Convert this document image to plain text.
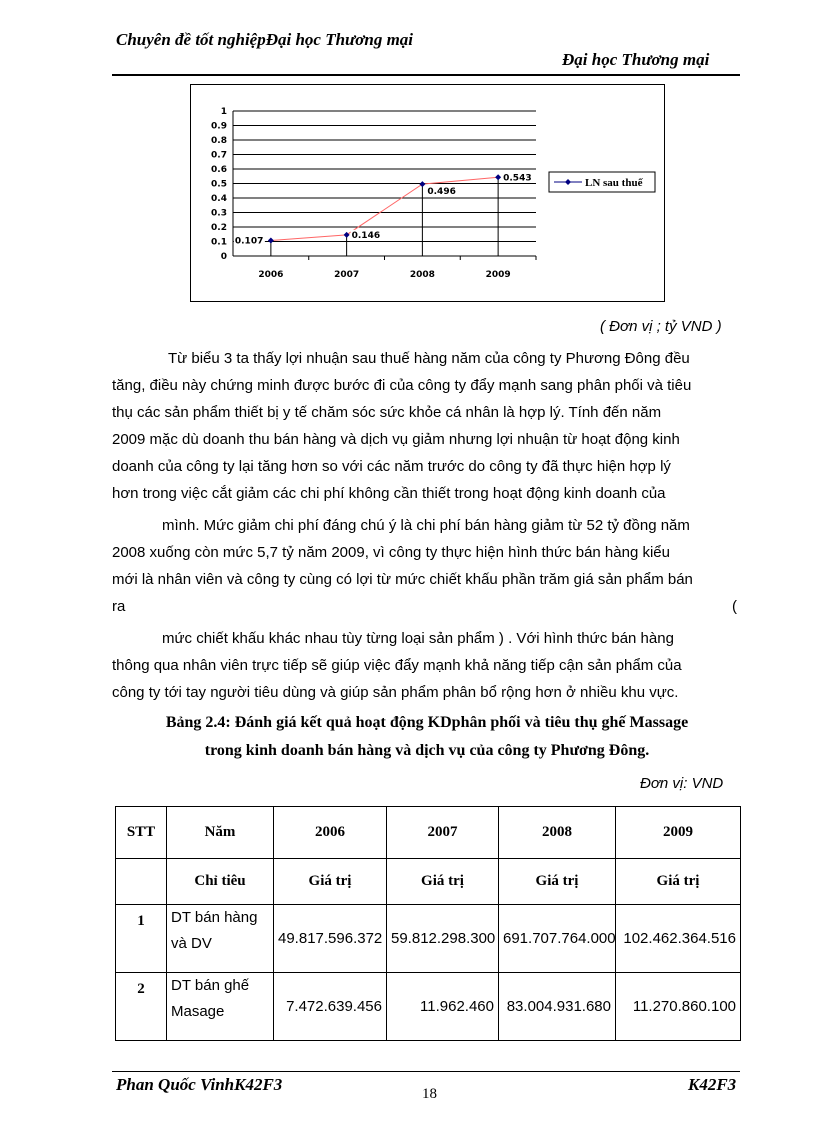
Chuyên đề tốt nghiệpĐại học Thương mại
Đại học Thương mại
0
0.1
0.2
0.3
0.4
0.5
0.6
0.7
0.8
0.9
1
2006	2007	2008	2009
0.107
0.146
0.496
0.543	LN sau thuế
( Đơn vị ; tỷ VND )
Từ biểu 3 ta thấy lợi nhuận sau thuế hàng năm của công ty Phương Đông đều
tăng, điều này chứng minh được bước đi của công ty đẩy mạnh sang phân phối và tiêu
thụ các sản phẩm thiết bị y tế chăm sóc sức khỏe cá nhân là hợp lý. Tính đến năm
2009 mặc dù doanh thu bán hàng và dịch vụ giảm nhưng lợi nhuận từ hoạt động kinh
doanh của công ty lại tăng hơn so với các năm trước do công ty đã thực hiện hợp lý
hơn trong việc cắt giảm các chi phí không cần thiết trong hoạt động kinh doanh của
mình. Mức giảm chi phí đáng chú ý là chi phí bán hàng giảm từ 52 tỷ đồng năm
2008 xuống còn mức 5,7 tỷ năm 2009, vì công ty thực hiện hình thức bán hàng kiểu
mới là nhân viên và công ty cùng có lợi từ mức chiết khấu phần trăm giá sản phẩm bán
ra	(
mức chiết khấu khác nhau tùy từng loại sản phẩm ) . Với hình thức bán hàng
thông qua nhân viên trực tiếp sẽ giúp việc đẩy mạnh khả năng tiếp cận sản phẩm của
công ty tới tay người tiêu dùng và giúp sản phẩm phân bổ rộng hơn ở nhiều khu vực.
Bảng 2.4: Đánh giá kết quả hoạt động KDphân phối và tiêu thụ ghế Massage
trong kinh doanh bán hàng và dịch vụ của công ty Phương Đông.
Đơn vị: VND
STT	Năm	2006	2007	2008	2009
	Chỉ tiêu	Giá trị	Giá trị	Giá trị	Giá trị
1	DT bán hàng và DV	49.817.596.372	59.812.298.300	691.707.764.000	102.462.364.516
2	DT bán ghế Masage	7.472.639.456	11.962.460	83.004.931.680	11.270.860.100
Phan Quốc VinhK42F3	18	K42F3
